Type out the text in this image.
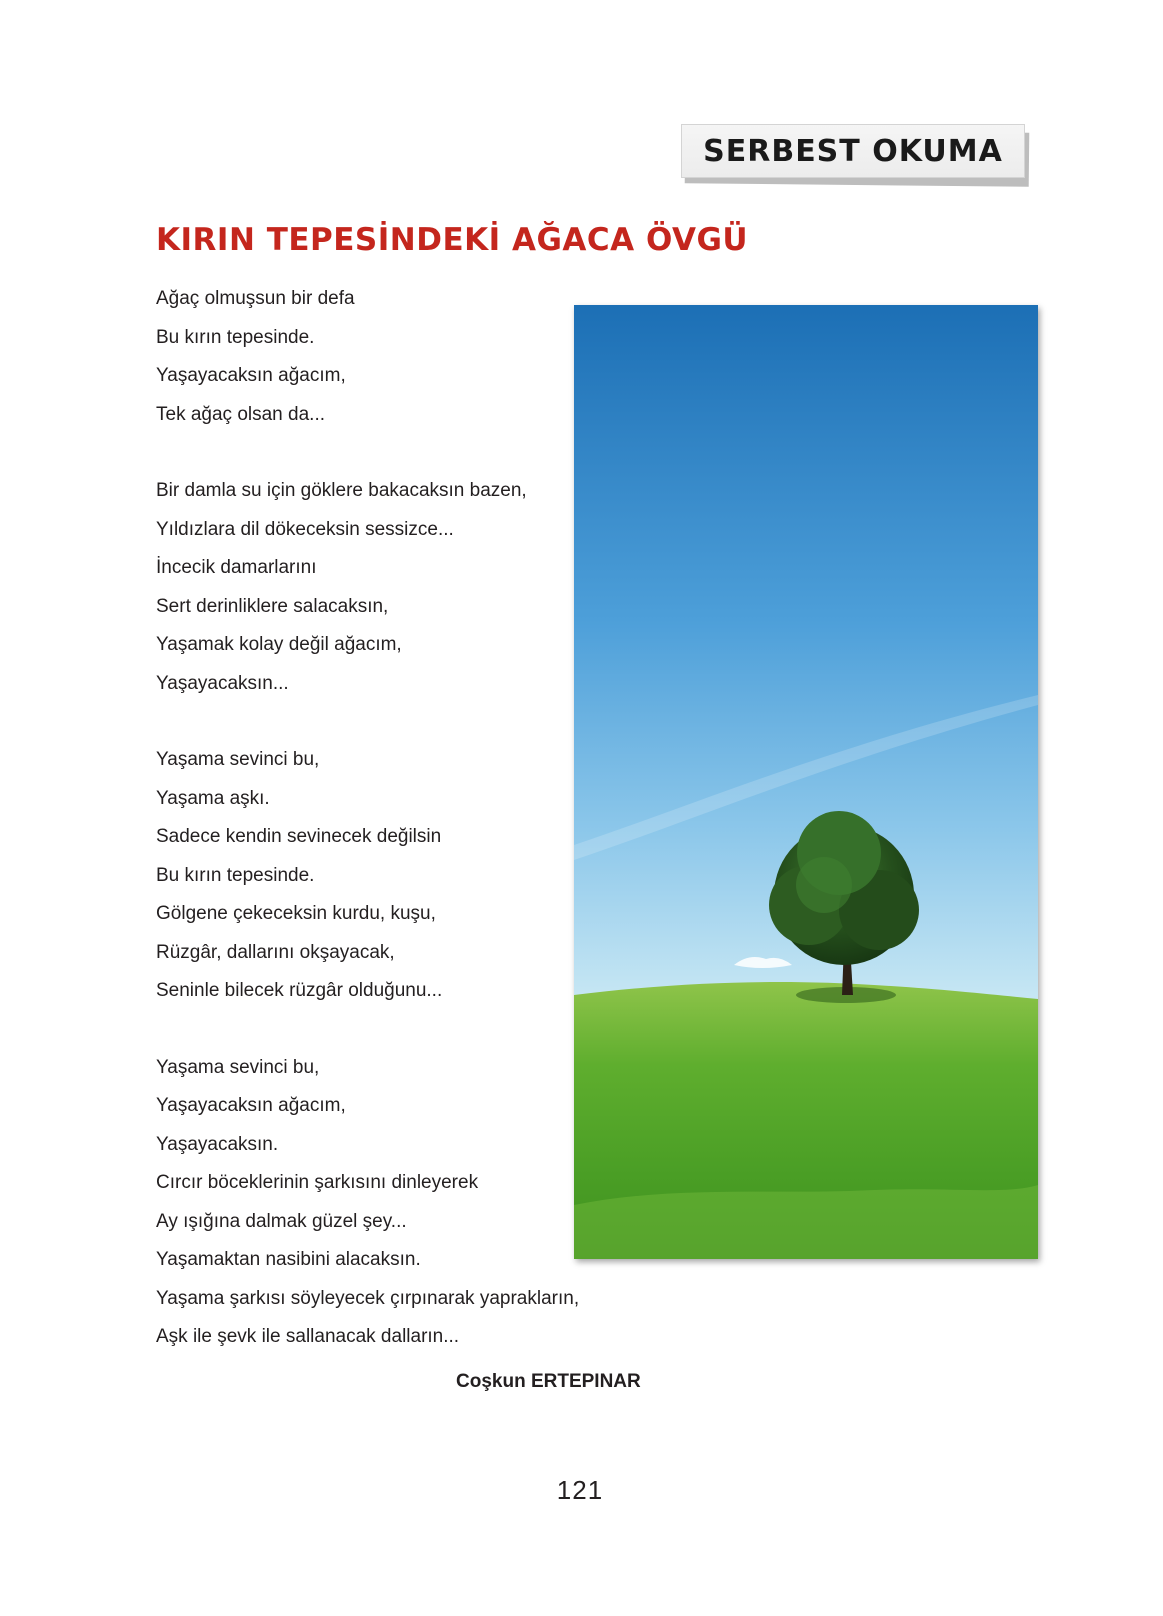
SERBEST OKUMA
KIRIN TEPESİNDEKİ AĞACA ÖVGÜ
Ağaç olmuşsun bir defa
Bu kırın tepesinde.
Yaşayacaksın ağacım,
Tek ağaç olsan da...
Bir damla su için göklere bakacaksın bazen,
Yıldızlara dil dökeceksin sessizce...
İncecik damarlarını
Sert derinliklere salacaksın,
Yaşamak kolay değil ağacım,
Yaşayacaksın...
Yaşama sevinci bu,
Yaşama aşkı.
Sadece kendin sevinecek değilsin
Bu kırın tepesinde.
Gölgene çekeceksin kurdu, kuşu,
Rüzgâr, dallarını okşayacak,
Seninle bilecek rüzgâr olduğunu...
Yaşama sevinci bu,
Yaşayacaksın ağacım,
Yaşayacaksın.
Cırcır böceklerinin şarkısını dinleyerek
Ay ışığına dalmak güzel şey...
Yaşamaktan nasibini alacaksın.
Yaşama şarkısı söyleyecek çırpınarak yaprakların,
Aşk ile şevk ile sallanacak dalların...
Coşkun ERTEPINAR
121
